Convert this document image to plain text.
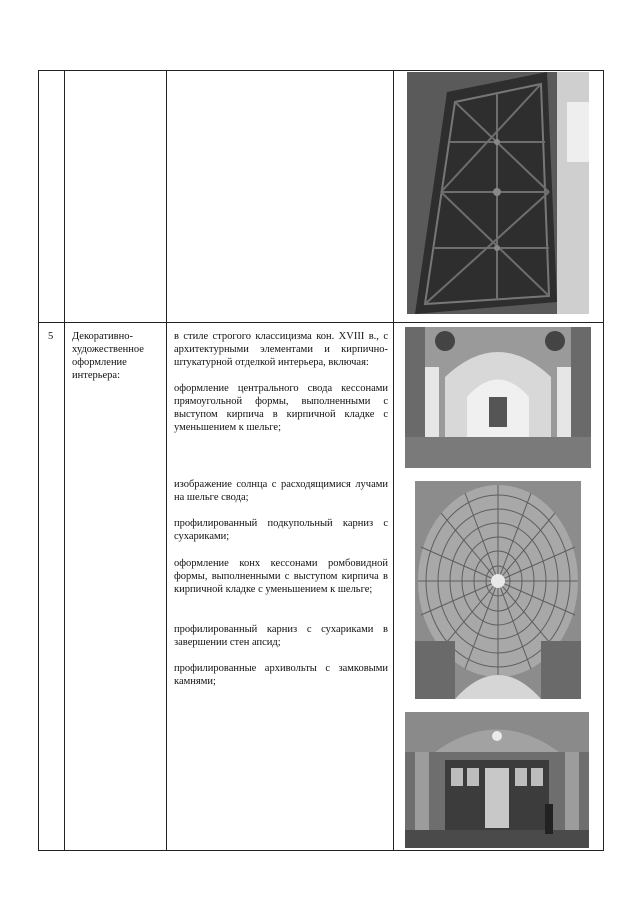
5 Декоративно-художественное оформление интерьера:
в стиле строгого классицизма кон. XVIII в., с архитектурными элементами и кирпично-штукатурной отделкой интерьера, включая:
оформление центрального свода кессонами прямоугольной формы, выполненными с выступом кирпича в кирпичной кладке с уменьшением к шельге;
изображение солнца с расходящимися лучами на шельге свода;
профилированный подкупольный карниз с сухариками;
оформление конх кессонами ромбовидной формы, выполненными с выступом кирпича в кирпичной кладке с уменьшением к шельге;
профилированный карниз с сухариками в завершении стен апсид;
профилированные архивольты с замковыми камнями;
